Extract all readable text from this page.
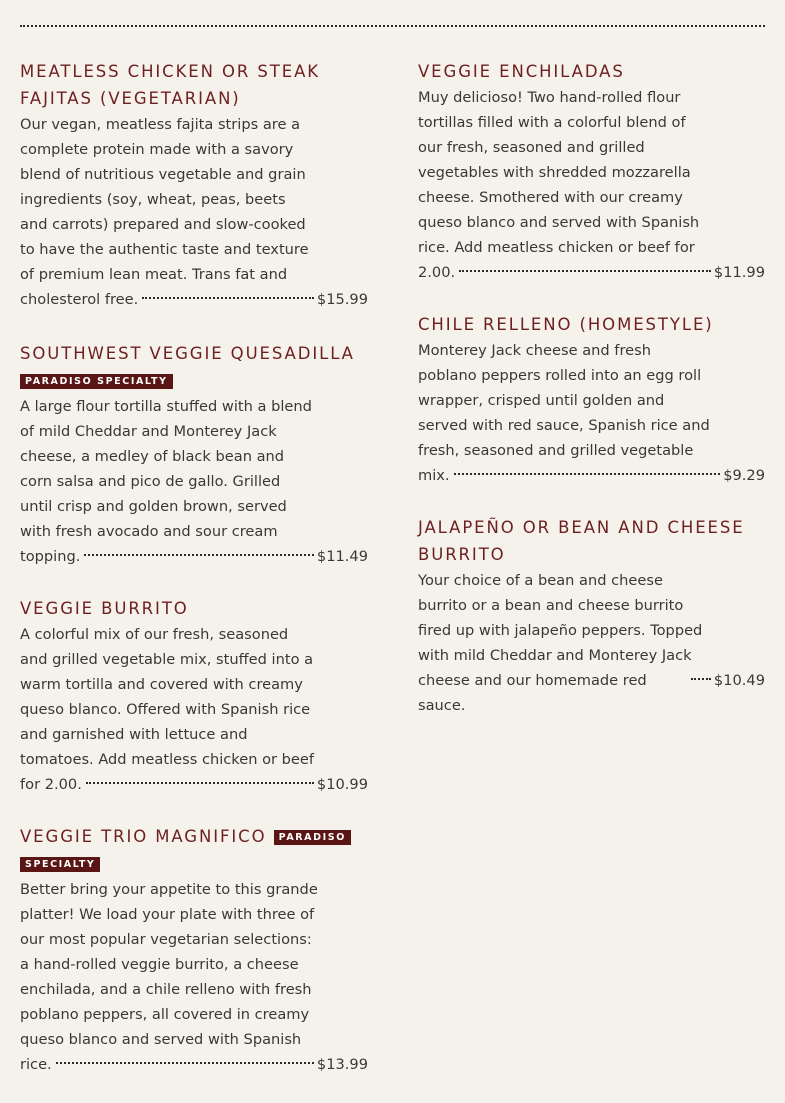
MEATLESS CHICKEN OR STEAK FAJITAS (VEGETARIAN)
Our vegan, meatless fajita strips are a
complete protein made with a savory
blend of nutritious vegetable and grain
ingredients (soy, wheat, peas, beets
and carrots) prepared and slow-cooked
to have the authentic taste and texture
of premium lean meat. Trans fat and
cholesterol free.	$15.99
SOUTHWEST VEGGIE QUESADILLA PARADISO SPECIALTY
A large flour tortilla stuffed with a blend
of mild Cheddar and Monterey Jack
cheese, a medley of black bean and
corn salsa and pico de gallo. Grilled
until crisp and golden brown, served
with fresh avocado and sour cream
topping.	$11.49
VEGGIE BURRITO
A colorful mix of our fresh, seasoned
and grilled vegetable mix, stuffed into a
warm tortilla and covered with creamy
queso blanco. Offered with Spanish rice
and garnished with lettuce and
tomatoes. Add meatless chicken or beef
for 2.00.	$10.99
VEGGIE TRIO MAGNIFICO PARADISO SPECIALTY
Better bring your appetite to this grande
platter! We load your plate with three of
our most popular vegetarian selections:
a hand-rolled veggie burrito, a cheese
enchilada, and a chile relleno with fresh
poblano peppers, all covered in creamy
queso blanco and served with Spanish
rice.	$13.99
VEGGIE ENCHILADAS
Muy delicioso! Two hand-rolled flour
tortillas filled with a colorful blend of
our fresh, seasoned and grilled
vegetables with shredded mozzarella
cheese. Smothered with our creamy
queso blanco and served with Spanish
rice. Add meatless chicken or beef for
2.00.	$11.99
CHILE RELLENO (HOMESTYLE)
Monterey Jack cheese and fresh
poblano peppers rolled into an egg roll
wrapper, crisped until golden and
served with red sauce, Spanish rice and
fresh, seasoned and grilled vegetable
mix.	$9.29
JALAPEÑO OR BEAN AND CHEESE BURRITO
Your choice of a bean and cheese
burrito or a bean and cheese burrito
fired up with jalapeño peppers. Topped
with mild Cheddar and Monterey Jack
cheese and our homemade red sauce.
$10.49
